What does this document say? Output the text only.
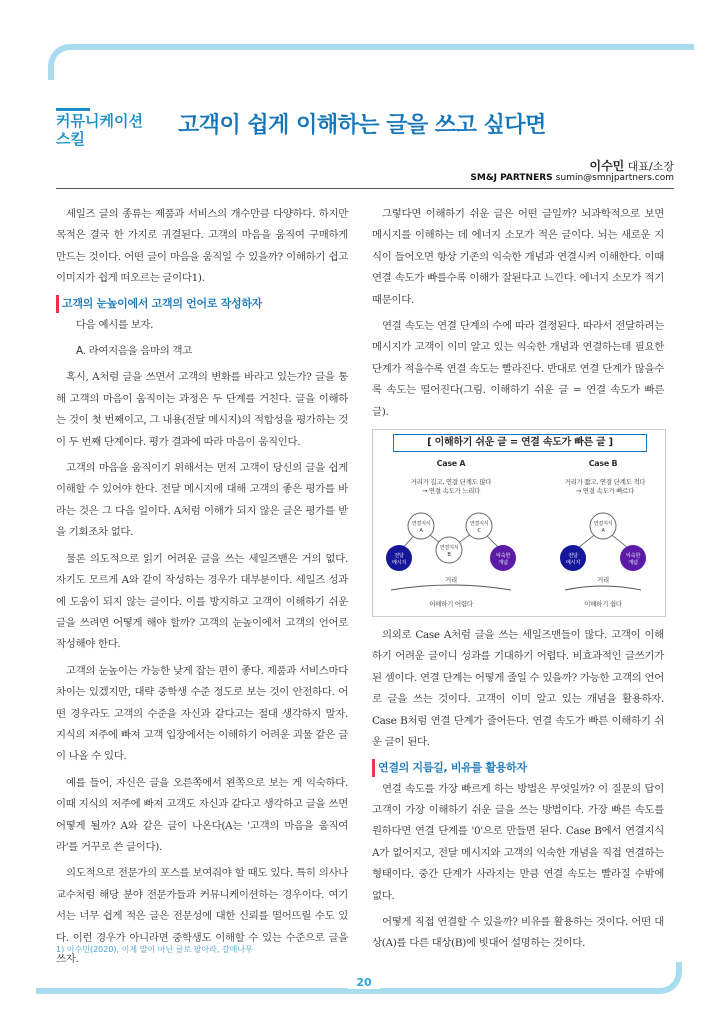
20
커뮤니케이션 스킬
고객이 쉽게 이해하는 글을 쓰고 싶다면
이수민 대표/소장
SM&J PARTNERS sumin@smnjpartners.com

세일즈 글의 종류는 제품과 서비스의 개수만큼 다양하다. 하지만 목적은 결국 한 가지로 귀결된다. 고객의 마음을 움직여 구매하게 만드는 것이다. 어떤 글이 마음을 움직일 수 있을까? 이해하기 쉽고 이미지가 쉽게 떠오르는 글이다1).

고객의 눈높이에서 고객의 언어로 작성하자

다음 예시를 보자.

A. 라여지음을 음마의 객고

혹시, A처럼 글을 쓰면서 고객의 변화를 바라고 있는가? 글을 통해 고객의 마음이 움직이는 과정은 두 단계를 거친다. 글을 이해하는 것이 첫 번째이고, 그 내용(전달 메시지)의 적합성을 평가하는 것이 두 번째 단계이다. 평가 결과에 따라 마음이 움직인다.

고객의 마음을 움직이기 위해서는 먼저 고객이 당신의 글을 쉽게 이해할 수 있어야 한다. 전달 메시지에 대해 고객의 좋은 평가를 바라는 것은 그 다음 일이다. A처럼 이해가 되지 않은 글은 평가를 받을 기회조차 없다.

물론 의도적으로 읽기 어려운 글을 쓰는 세일즈맨은 거의 없다. 자기도 모르게 A와 같이 작성하는 경우가 대부분이다. 세일즈 성과에 도움이 되지 않는 글이다. 이를 방지하고 고객이 이해하기 쉬운 글을 쓰려면 어떻게 해야 할까? 고객의 눈높이에서 고객의 언어로 작성해야 한다.

고객의 눈높이는 가능한 낮게 잡는 편이 좋다. 제품과 서비스마다 차이는 있겠지만, 대략 중학생 수준 정도로 보는 것이 안전하다. 어떤 경우라도 고객의 수준을 자신과 같다고는 절대 생각하지 말자. 지식의 저주에 빠져 고객 입장에서는 이해하기 어려운 괴물 같은 글이 나올 수 있다.

예를 들어, 자신은 글을 오른쪽에서 왼쪽으로 보는 게 익숙하다. 이때 지식의 저주에 빠져 고객도 자신과 같다고 생각하고 글을 쓰면 어떻게 될까? A와 같은 글이 나온다(A는 '고객의 마음을 움직여라'를 거꾸로 쓴 글이다).

의도적으로 전문가의 포스를 보여줘야 할 때도 있다. 특히 의사나 교수처럼 해당 분야 전문가들과 커뮤니케이션하는 경우이다. 여기서는 너무 쉽게 적은 글은 전문성에 대한 신뢰를 떨어뜨릴 수도 있다. 이런 경우가 아니라면 중학생도 이해할 수 있는 수준으로 글을 쓰자.

그렇다면 이해하기 쉬운 글은 어떤 글일까? 뇌과학적으로 보면 메시지를 이해하는 데 에너지 소모가 적은 글이다. 뇌는 새로운 지식이 들어오면 항상 기존의 익숙한 개념과 연결시켜 이해한다. 이때 연결 속도가 빠를수록 이해가 잘된다고 느낀다. 에너지 소모가 적기 때문이다.

연결 속도는 연결 단계의 수에 따라 결정된다. 따라서 전달하려는 메시지가 고객이 이미 알고 있는 익숙한 개념과 연결하는데 필요한 단계가 적을수록 연결 속도는 빨라진다. 반대로 연결 단계가 많을수록 속도는 떨어진다(그림. 이해하기 쉬운 글 = 연결 속도가 빠른 글).

[ 이해하기 쉬운 글 = 연결 속도가 빠른 글 ]
Case A	Case B
거리가 길고, 연결 단계도 많다
→ 연결 속도가 느리다
거리가 짧고, 연결 단계도 적다
→ 연결 속도가 빠르다
전달
메시지
연결지식
A
연결지식
B
연결지식
C
익숙한
개념
전달
메시지
연결지식
A
익숙한
개념
거리	거리
이해하기 어렵다	이해하기 쉽다

의외로 Case A처럼 글을 쓰는 세일즈맨들이 많다. 고객이 이해하기 어려운 글이니 성과를 기대하기 어렵다. 비효과적인 글쓰기가 된 셈이다. 연결 단계는 어떻게 줄일 수 있을까? 가능한 고객의 언어로 글을 쓰는 것이다. 고객이 이미 알고 있는 개념을 활용하자. Case B처럼 연결 단계가 줄어든다. 연결 속도가 빠른 이해하기 쉬운 글이 된다.

연결의 지름길, 비유를 활용하자

연결 속도를 가장 빠르게 하는 방법은 무엇일까? 이 질문의 답이 고객이 가장 이해하기 쉬운 글을 쓰는 방법이다. 가장 빠른 속도를 원하다면 연결 단계를 '0'으로 만들면 된다. Case B에서 연결지식 A가 없어지고, 전달 메시지와 고객의 익숙한 개념을 직접 연결하는 형태이다. 중간 단계가 사라지는 만큼 연결 속도는 빨라질 수밖에 없다.

어떻게 직접 연결할 수 있을까? 비유를 활용하는 것이다. 어떤 대상(A)를 다른 대상(B)에 빗대어 설명하는 것이다.

1) 이수민(2020), 이제 말이 아닌 글로 팔아라, 갈매나무
